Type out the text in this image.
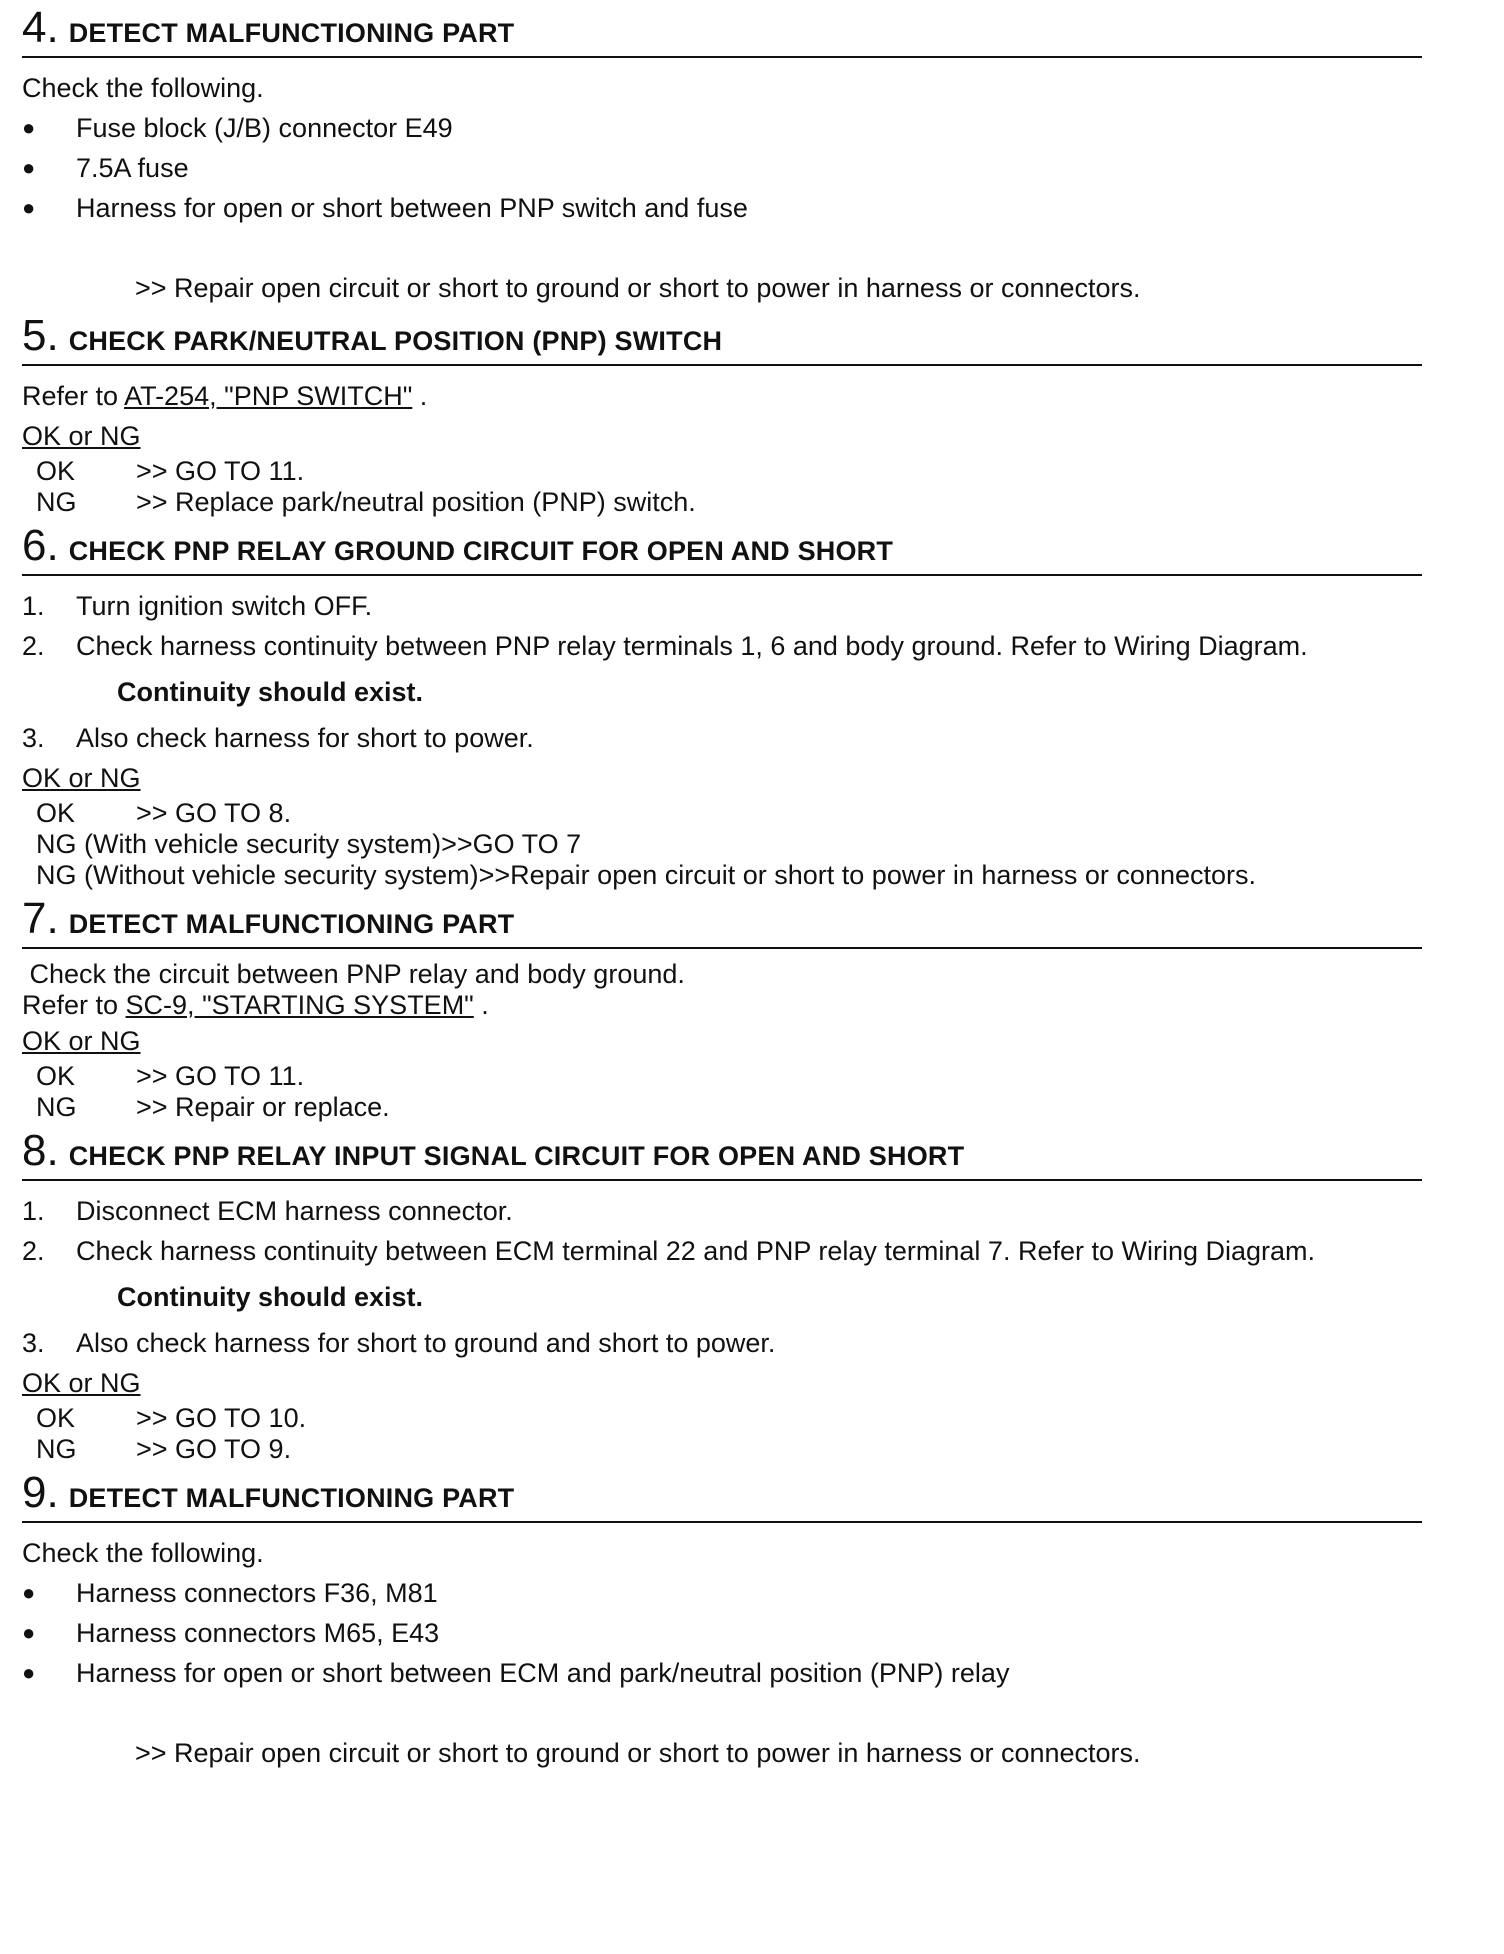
4. DETECT MALFUNCTIONING PART
Check the following.
●	Fuse block (J/B) connector E49
●	7.5A fuse
●	Harness for open or short between PNP switch and fuse
>> Repair open circuit or short to ground or short to power in harness or connectors.
5. CHECK PARK/NEUTRAL POSITION (PNP) SWITCH
Refer to AT-254, "PNP SWITCH" .
OK or NG
OK	>> GO TO 11.
NG	>> Replace park/neutral position (PNP) switch.
6. CHECK PNP RELAY GROUND CIRCUIT FOR OPEN AND SHORT
1.	Turn ignition switch OFF.
2.	Check harness continuity between PNP relay terminals 1, 6 and body ground. Refer to Wiring Diagram.
Continuity should exist.
3.	Also check harness for short to power.
OK or NG
OK	>> GO TO 8.
NG (With vehicle security system)>>GO TO 7
NG (Without vehicle security system)>>Repair open circuit or short to power in harness or connectors.
7. DETECT MALFUNCTIONING PART
Check the circuit between PNP relay and body ground.
Refer to SC-9, "STARTING SYSTEM" .
OK or NG
OK	>> GO TO 11.
NG	>> Repair or replace.
8. CHECK PNP RELAY INPUT SIGNAL CIRCUIT FOR OPEN AND SHORT
1.	Disconnect ECM harness connector.
2.	Check harness continuity between ECM terminal 22 and PNP relay terminal 7. Refer to Wiring Diagram.
Continuity should exist.
3.	Also check harness for short to ground and short to power.
OK or NG
OK	>> GO TO 10.
NG	>> GO TO 9.
9. DETECT MALFUNCTIONING PART
Check the following.
●	Harness connectors F36, M81
●	Harness connectors M65, E43
●	Harness for open or short between ECM and park/neutral position (PNP) relay
>> Repair open circuit or short to ground or short to power in harness or connectors.
